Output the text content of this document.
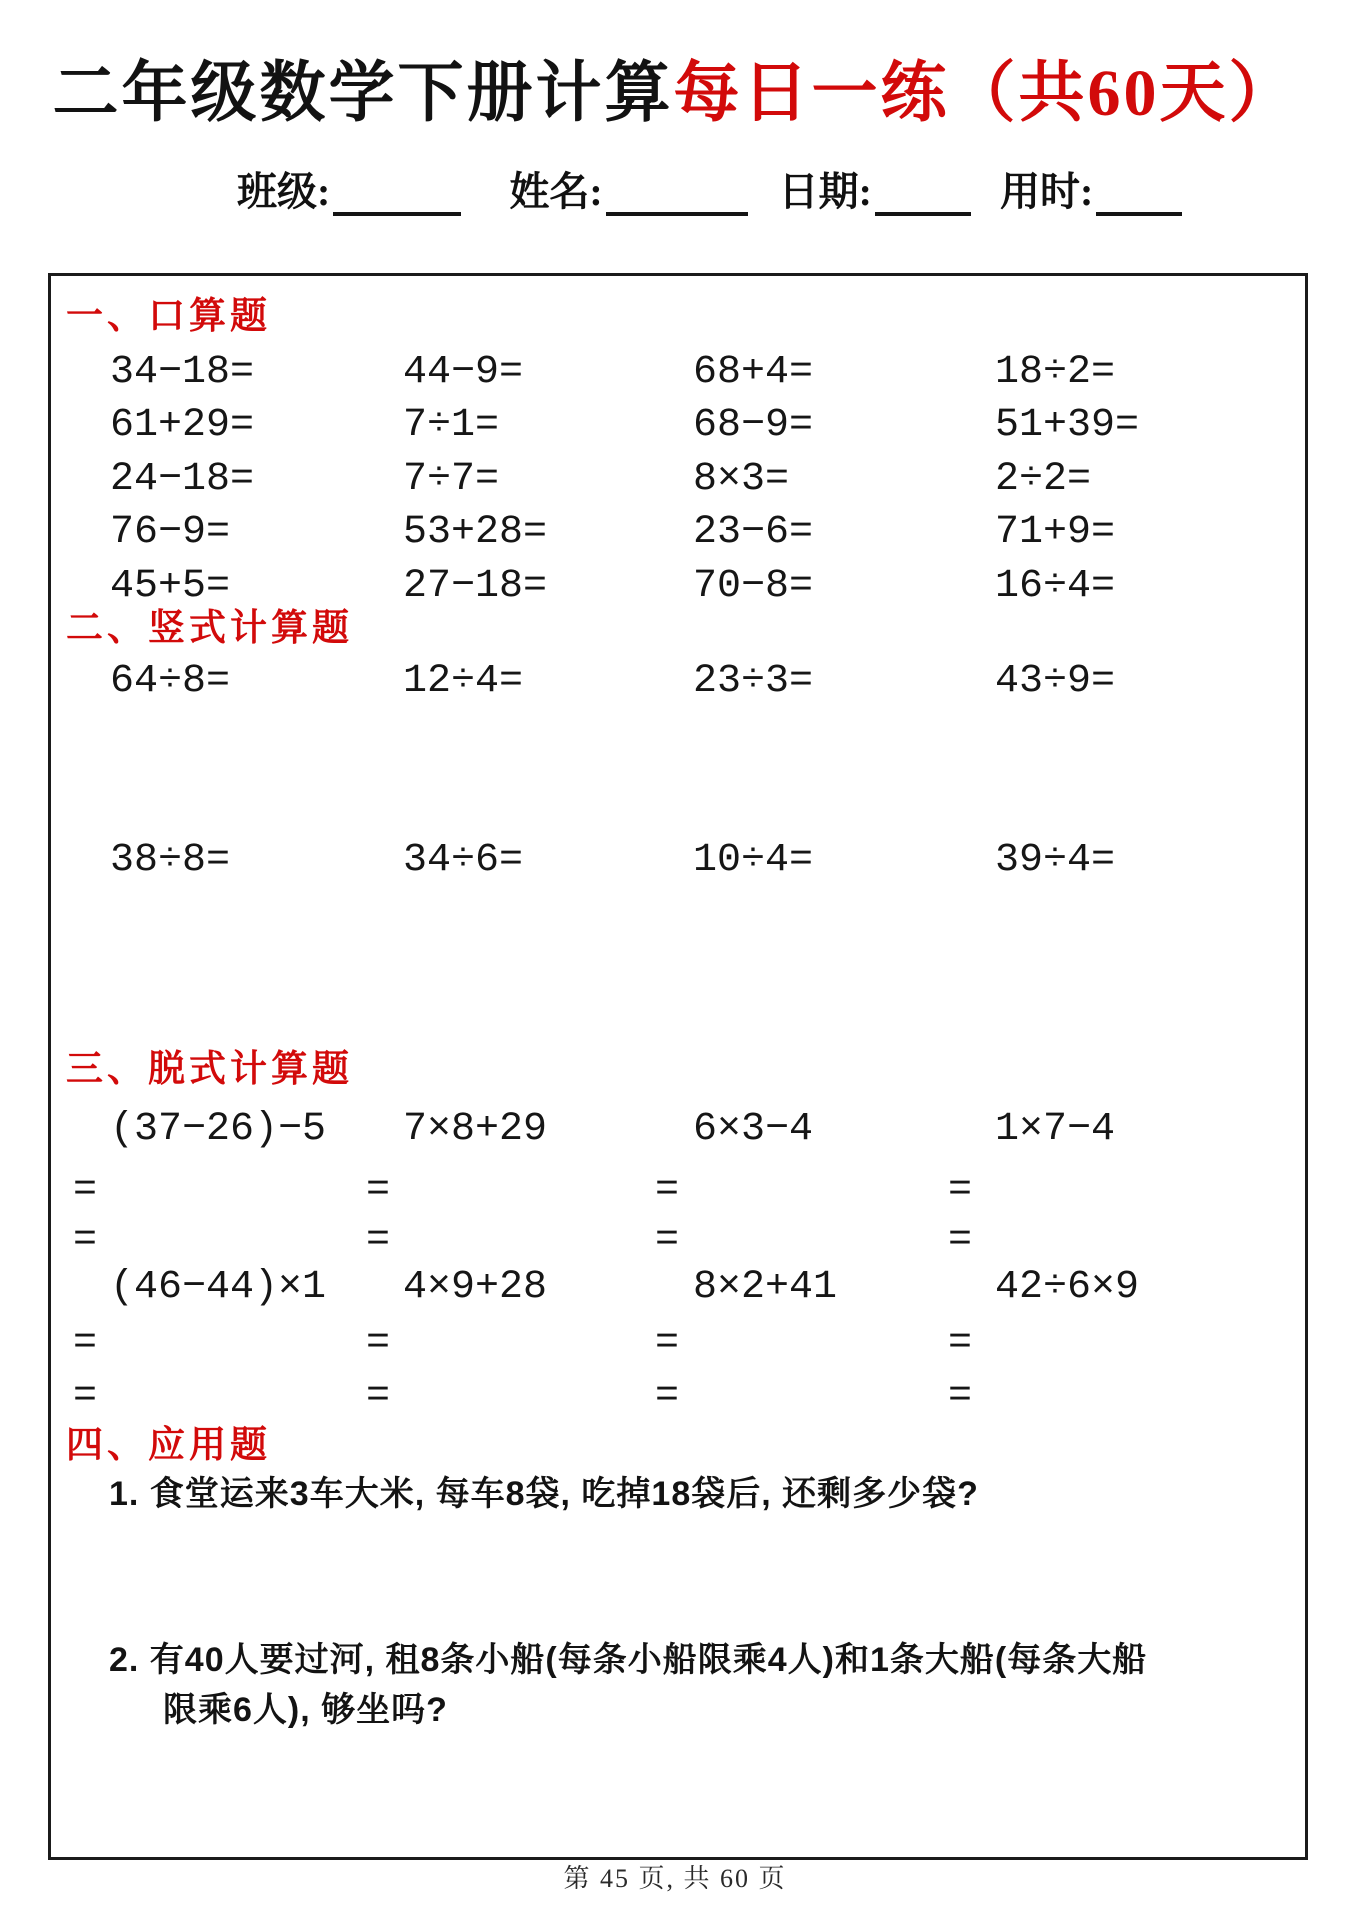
二年级数学下册计算每日一练（共60天）
班级:	姓名:	日期:	用时:
一、口算题
34−18=	44−9=	68+4=	18÷2=
61+29=	7÷1=	68−9=	51+39=
24−18=	7÷7=	8×3=	2÷2=
76−9=	53+28=	23−6=	71+9=
45+5=	27−18=	70−8=	16÷4=
二、竖式计算题
64÷8=	12÷4=	23÷3=	43÷9=
38÷8=	34÷6=	10÷4=	39÷4=
三、脱式计算题
(37−26)−5	7×8+29	6×3−4	1×7−4
=	=	=	=
=	=	=	=
(46−44)×1	4×9+28	8×2+41	42÷6×9
=	=	=	=
=	=	=	=
四、应用题
1. 食堂运来3车大米, 每车8袋, 吃掉18袋后, 还剩多少袋?
2. 有40人要过河, 租8条小船(每条小船限乘4人)和1条大船(每条大船
限乘6人), 够坐吗?
第 45 页, 共 60 页
